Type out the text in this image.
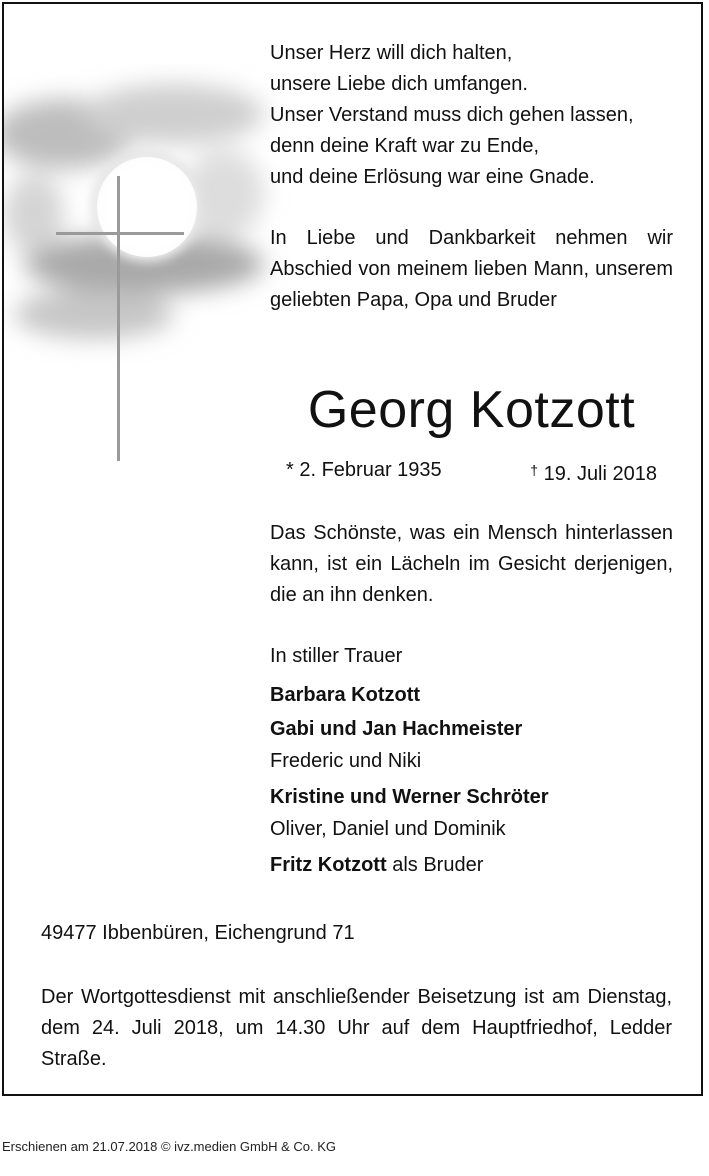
Unser Herz will dich halten,
unsere Liebe dich umfangen.
Unser Verstand muss dich gehen lassen,
denn deine Kraft war zu Ende,
und deine Erlösung war eine Gnade.
In Liebe und Dankbarkeit nehmen wir Abschied von meinem lieben Mann, unserem geliebten Papa, Opa und Bruder
Georg Kotzott
* 2. Februar 1935	† 19. Juli 2018
Das Schönste, was ein Mensch hinterlassen kann, ist ein Lächeln im Gesicht derjenigen, die an ihn denken.
In stiller Trauer
Barbara Kotzott
Gabi und Jan Hachmeister
Frederic und Niki
Kristine und Werner Schröter
Oliver, Daniel und Dominik
Fritz Kotzott als Bruder
49477 Ibbenbüren, Eichengrund 71
Der Wortgottesdienst mit anschließender Beisetzung ist am Dienstag, dem 24. Juli 2018, um 14.30 Uhr auf dem Hauptfriedhof, Ledder Straße.
Erschienen am 21.07.2018 © ivz.medien GmbH & Co. KG
